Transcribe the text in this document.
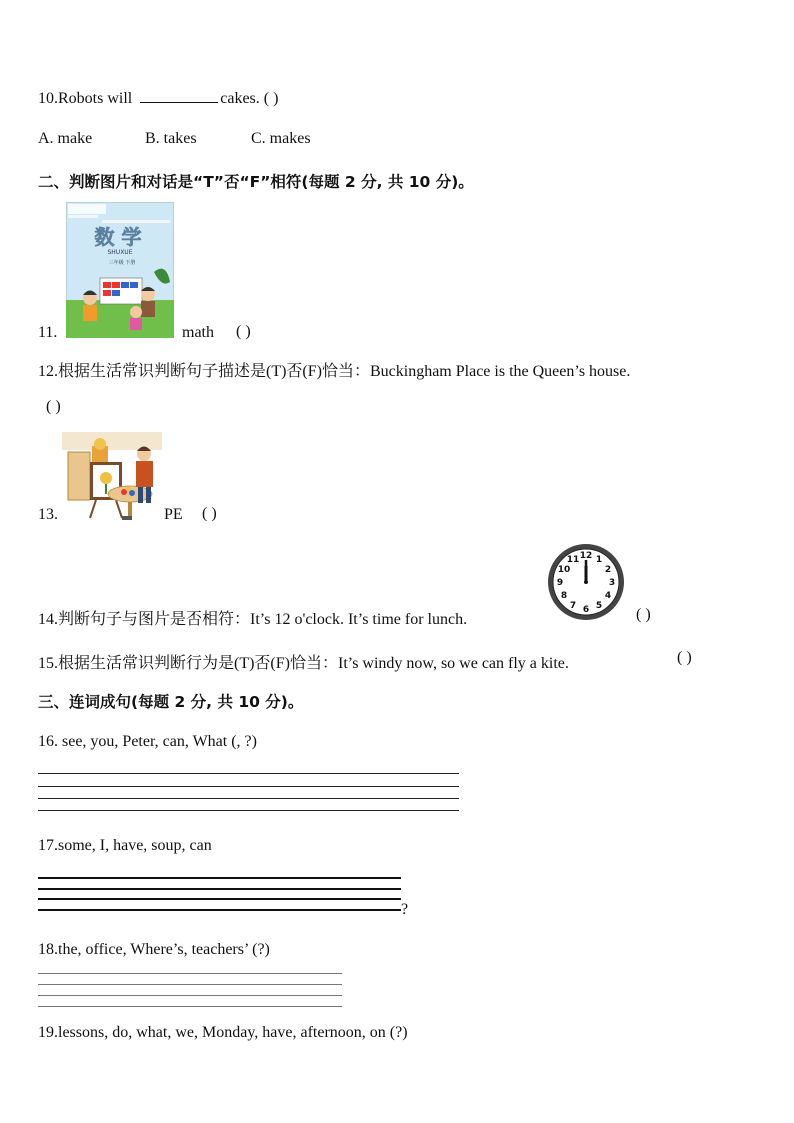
10.Robots will	cakes. ( )
A. make	B. takes	C. makes
二、判断图片和对话是“T”否“F”相符(每题 2 分, 共 10 分)。
11.
数 学
SHUXUE
三年级 下册
math ( )
12.根据生活常识判断句子描述是(T)否(F)恰当：Buckingham Place is the Queen’s house.
( )
13.	PE ( )
14.判断句子与图片是否相符：It’s 12 o'clock. It’s time for lunch.
12 1
2
3
4
5
6
7
8
9
10
11
( )
15.根据生活常识判断行为是(T)否(F)恰当：It’s windy now, so we can fly a kite.	( )
三、连词成句(每题 2 分, 共 10 分)。
16. see, you, Peter, can, What (, ?)
17.some, I, have, soup, can
?
18.the, office, Where’s, teachers’ (?)
19.lessons, do, what, we, Monday, have, afternoon, on (?)
